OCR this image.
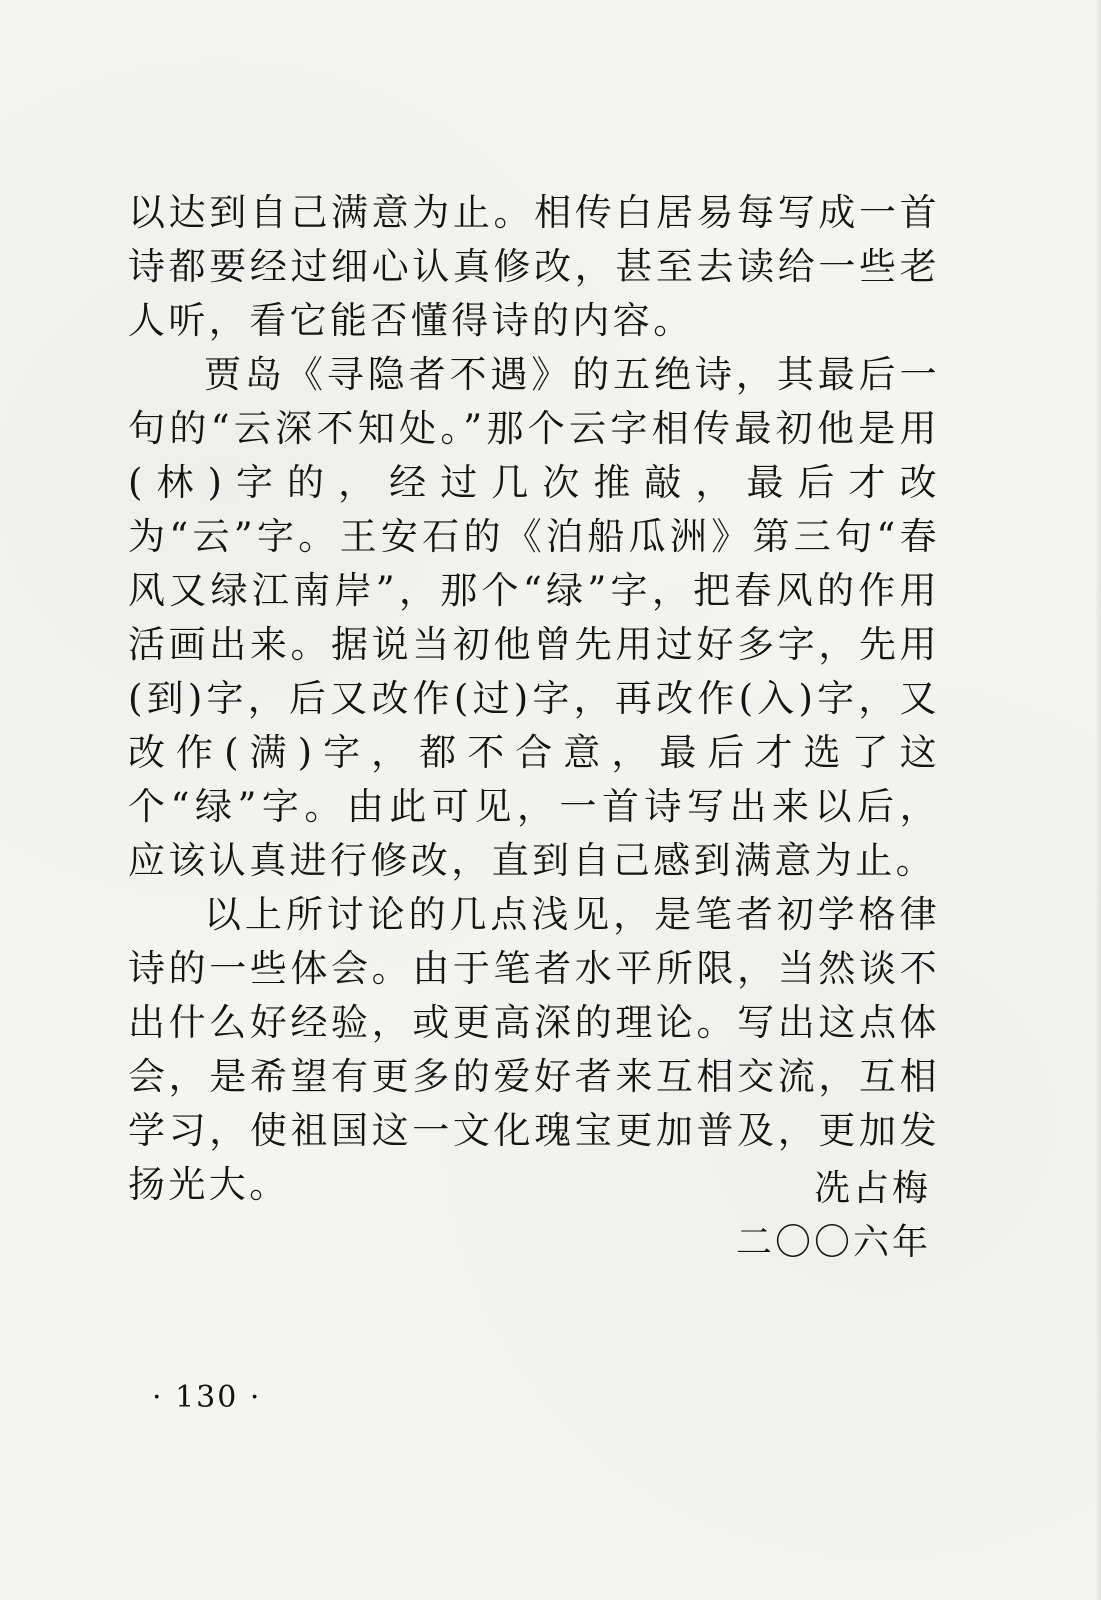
以达到自己满意为止。相传白居易每写成一首诗都要经过细心认真修改，甚至去读给一些老人听，看它能否懂得诗的内容。

贾岛《寻隐者不遇》的五绝诗，其最后一句的“云深不知处。”那个云字相传最初他是用(林)字的，经过几次推敲，最后才改为“云”字。王安石的《泊船瓜洲》第三句“春风又绿江南岸”，那个“绿”字，把春风的作用活画出来。据说当初他曾先用过好多字，先用(到)字，后又改作(过)字，再改作(入)字，又改作(满)字，都不合意，最后才选了这个“绿”字。由此可见，一首诗写出来以后，应该认真进行修改，直到自己感到满意为止。

以上所讨论的几点浅见，是笔者初学格律诗的一些体会。由于笔者水平所限，当然谈不出什么好经验，或更高深的理论。写出这点体会，是希望有更多的爱好者来互相交流，互相学习，使祖国这一文化瑰宝更加普及，更加发扬光大。	冼占梅
二〇〇六年
· 130 ·
